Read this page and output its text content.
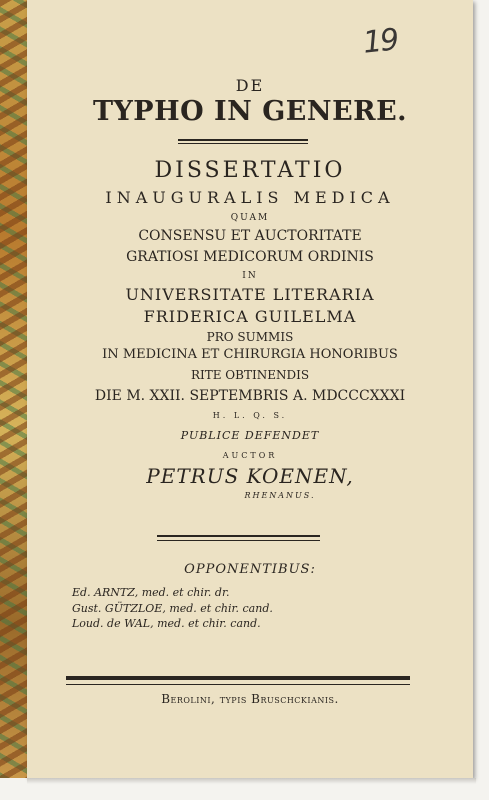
19
DE
TYPHO IN GENERE.
DISSERTATIO
INAUGURALIS MEDICA
QUAM
CONSENSU ET AUCTORITATE
GRATIOSI MEDICORUM ORDINIS
IN
UNIVERSITATE LITERARIA
FRIDERICA GUILELMA
PRO SUMMIS
IN MEDICINA ET CHIRURGIA HONORIBUS
RITE OBTINENDIS
DIE M. XXII. SEPTEMBRIS A. MDCCCXXXI
H. L. Q. S.
PUBLICE DEFENDET
AUCTOR
PETRUS KOENEN,
RHENANUS.
OPPONENTIBUS:
Ed. ARNTZ, med. et chir. dr.
Gust. GÜTZLOE, med. et chir. cand.
Loud. de WAL, med. et chir. cand.
Berolini, typis Bruschckianis.
